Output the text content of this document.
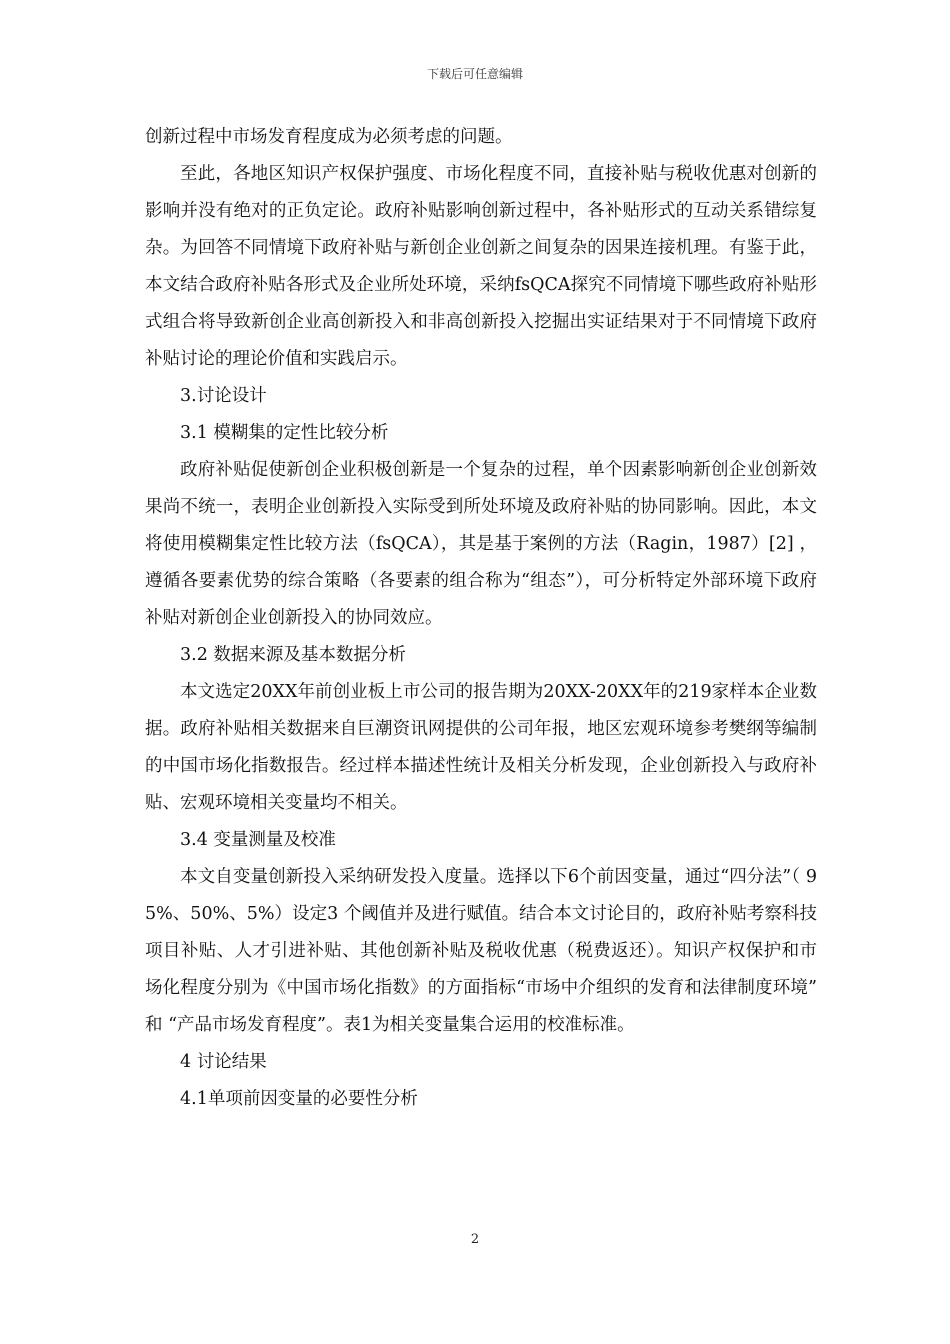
下载后可任意编辑

创新过程中市场发育程度成为必须考虑的问题。

至此，各地区知识产权保护强度、市场化程度不同，直接补贴与税收优惠对创新的影响并没有绝对的正负定论。政府补贴影响创新过程中，各补贴形式的互动关系错综复杂。为回答不同情境下政府补贴与新创企业创新之间复杂的因果连接机理。有鉴于此，本文结合政府补贴各形式及企业所处环境，采纳fsQCA探究不同情境下哪些政府补贴形式组合将导致新创企业高创新投入和非高创新投入挖掘出实证结果对于不同情境下政府补贴讨论的理论价值和实践启示。

3.讨论设计

3.1 模糊集的定性比较分析

政府补贴促使新创企业积极创新是一个复杂的过程，单个因素影响新创企业创新效果尚不统一，表明企业创新投入实际受到所处环境及政府补贴的协同影响。因此，本文将使用模糊集定性比较方法（fsQCA），其是基于案例的方法（Ragin，1987）[2] ，遵循各要素优势的综合策略（各要素的组合称为“组态”），可分析特定外部环境下政府补贴对新创企业创新投入的协同效应。

3.2 数据来源及基本数据分析

本文选定20XX年前创业板上市公司的报告期为20XX-20XX年的219家样本企业数据。政府补贴相关数据来自巨潮资讯网提供的公司年报，地区宏观环境参考樊纲等编制的中国市场化指数报告。经过样本描述性统计及相关分析发现，企业创新投入与政府补贴、宏观环境相关变量均不相关。

3.4 变量测量及校准

本文自变量创新投入采纳研发投入度量。选择以下6个前因变量，通过“四分法”（ 95%、50%、5%）设定3 个阈值并及进行赋值。结合本文讨论目的，政府补贴考察科技项目补贴、人才引进补贴、其他创新补贴及税收优惠（税费返还）。知识产权保护和市场化程度分别为《中国市场化指数》的方面指标“市场中介组织的发育和法律制度环境” 和 “产品市场发育程度”。表1为相关变量集合运用的校准标准。

4 讨论结果

4.1单项前因变量的必要性分析

2
